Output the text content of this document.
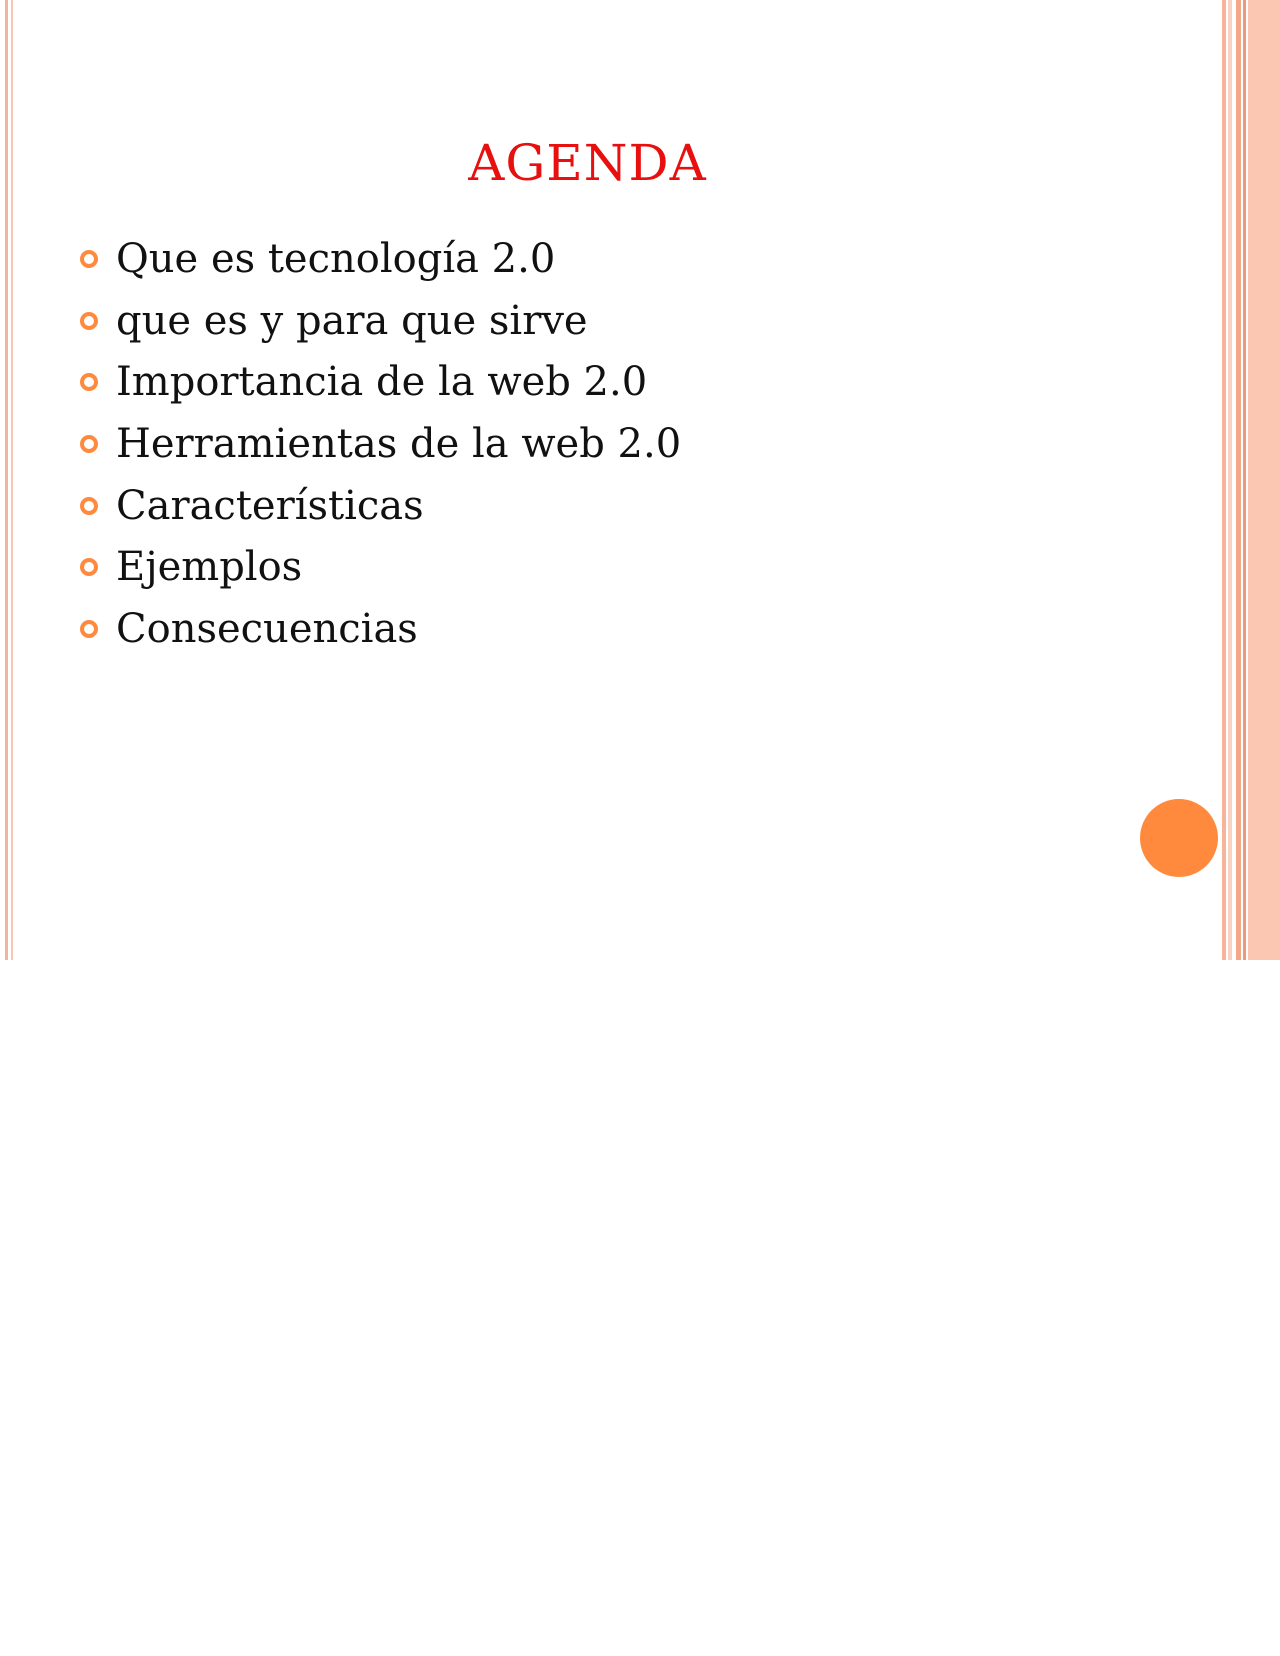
AGENDA
Que es tecnología 2.0
que es y para que sirve
Importancia de la web 2.0
Herramientas de la web 2.0
Características
Ejemplos
Consecuencias
